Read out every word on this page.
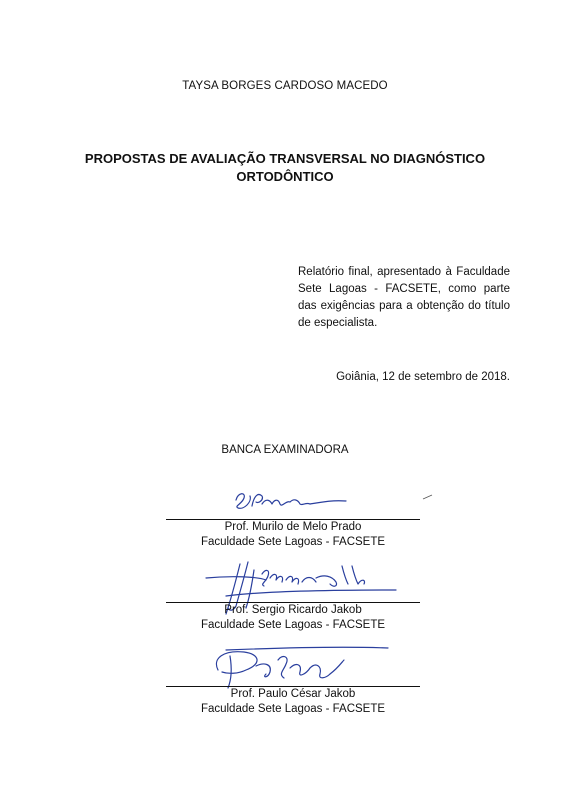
TAYSA BORGES CARDOSO MACEDO
PROPOSTAS DE AVALIAÇÃO TRANSVERSAL NO DIAGNÓSTICO
ORTODÔNTICO
Relatório final, apresentado à Faculdade Sete Lagoas - FACSETE, como parte das exigências para a obtenção do título de especialista.
Goiânia, 12 de setembro de 2018.
BANCA EXAMINADORA
Prof. Murilo de Melo Prado
Faculdade Sete Lagoas - FACSETE
Prof. Sergio Ricardo Jakob
Faculdade Sete Lagoas - FACSETE
Prof. Paulo César Jakob
Faculdade Sete Lagoas - FACSETE
